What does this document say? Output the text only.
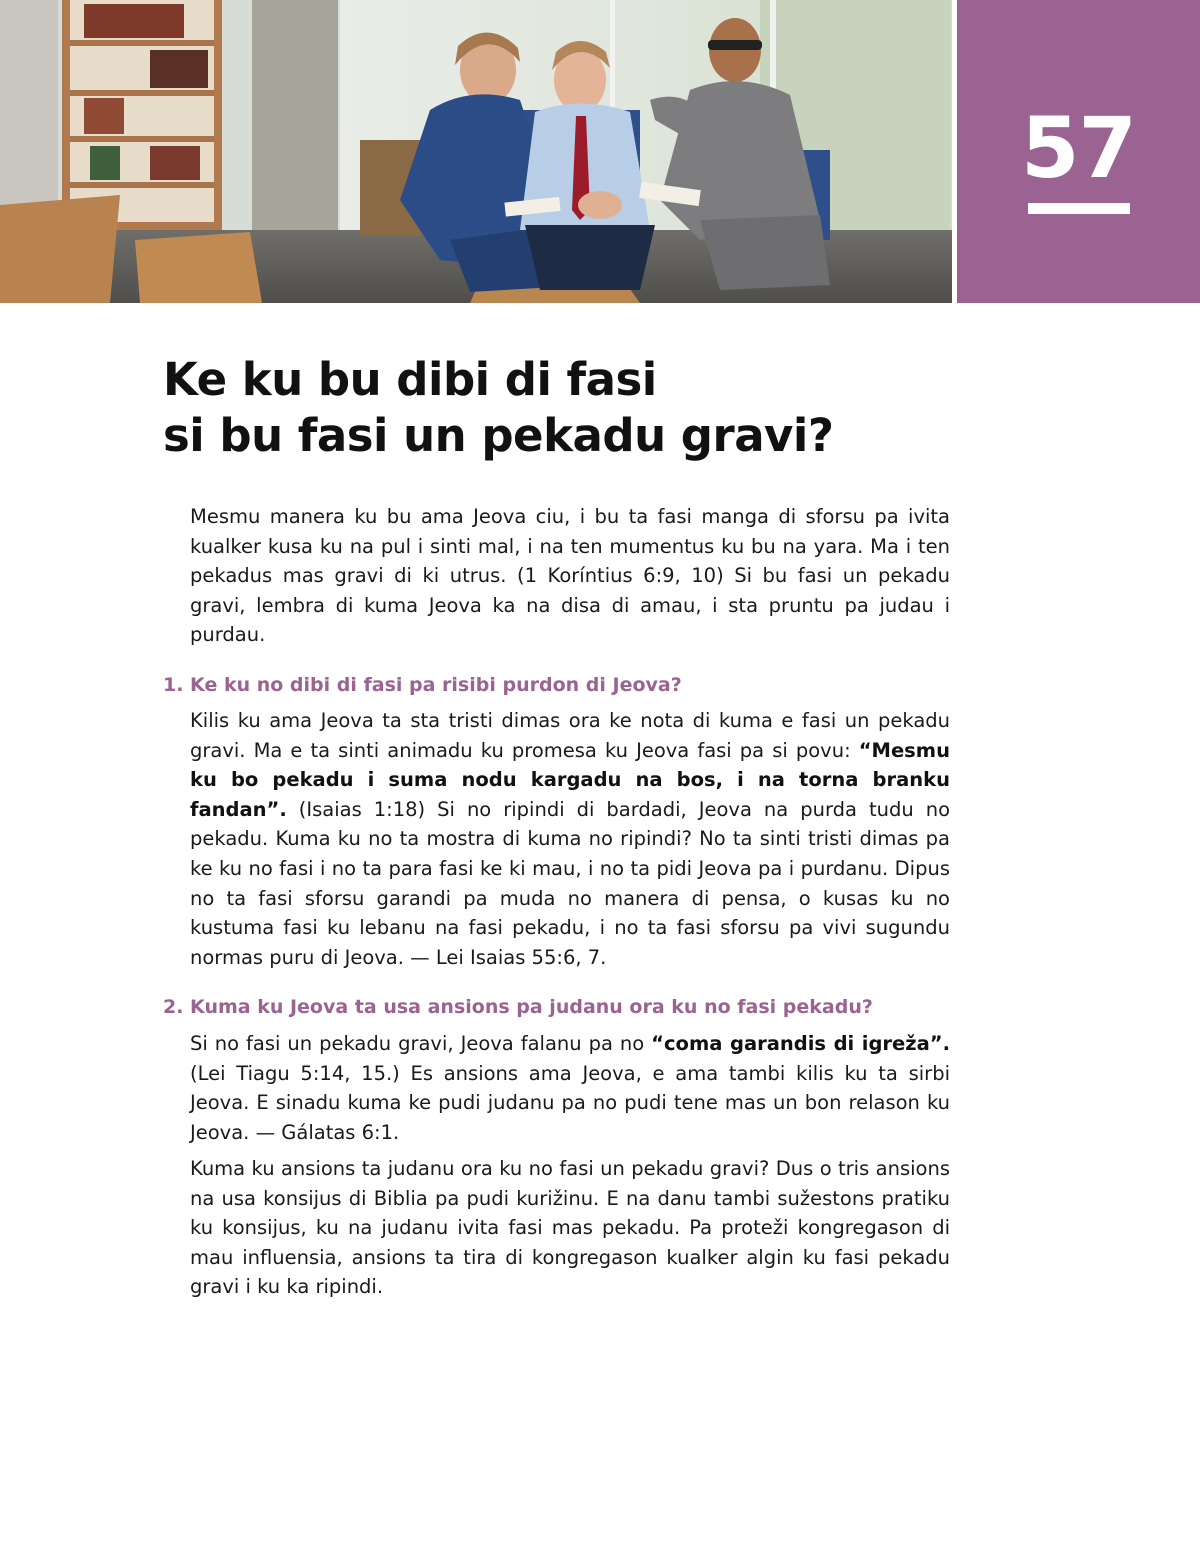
57
Ke ku bu dibi di fasi
si bu fasi un pekadu gravi?

Mesmu manera ku bu ama Jeova ciu, i bu ta fasi manga di sforsu pa ivita kualker kusa ku na pul i sinti mal, i na ten mumentus ku bu na yara. Ma i ten pekadus mas gravi di ki utrus. (1 Koríntius 6:9, 10) Si bu fasi un pekadu gravi, lembra di kuma Jeova ka na disa di amau, i sta pruntu pa judau i purdau.

1. Ke ku no dibi di fasi pa risibi purdon di Jeova?

Kilis ku ama Jeova ta sta tristi dimas ora ke nota di kuma e fasi un pekadu gravi. Ma e ta sinti animadu ku promesa ku Jeova fasi pa si povu: “Mesmu ku bo pekadu i suma nodu kargadu na bos, i na torna branku fandan”. (Isaias 1:18) Si no ripindi di bardadi, Jeova na purda tudu no pekadu. Kuma ku no ta mostra di kuma no ripindi? No ta sinti tristi dimas pa ke ku no fasi i no ta para fasi ke ki mau, i no ta pidi Jeova pa i purdanu. Dipus no ta fasi sforsu garandi pa muda no manera di pensa, o kusas ku no kustuma fasi ku lebanu na fasi pekadu, i no ta fasi sforsu pa vivi sugundu normas puru di Jeova. — Lei Isaias 55:6, 7.

2. Kuma ku Jeova ta usa ansions pa judanu ora ku no fasi pekadu?

Si no fasi un pekadu gravi, Jeova falanu pa no “coma garandis di igreža”. (Lei Tiagu 5:14, 15.) Es ansions ama Jeova, e ama tambi kilis ku ta sirbi Jeova. E sinadu kuma ke pudi judanu pa no pudi tene mas un bon relason ku Jeova. — Gálatas 6:1.

Kuma ku ansions ta judanu ora ku no fasi un pekadu gravi? Dus o tris ansions na usa konsijus di Biblia pa pudi kurižinu. E na danu tambi sužestons pratiku ku konsijus, ku na judanu ivita fasi mas pekadu. Pa proteži kongregason di mau influensia, ansions ta tira di kongregason kualker algin ku fasi pekadu gravi i ku ka ripindi.
